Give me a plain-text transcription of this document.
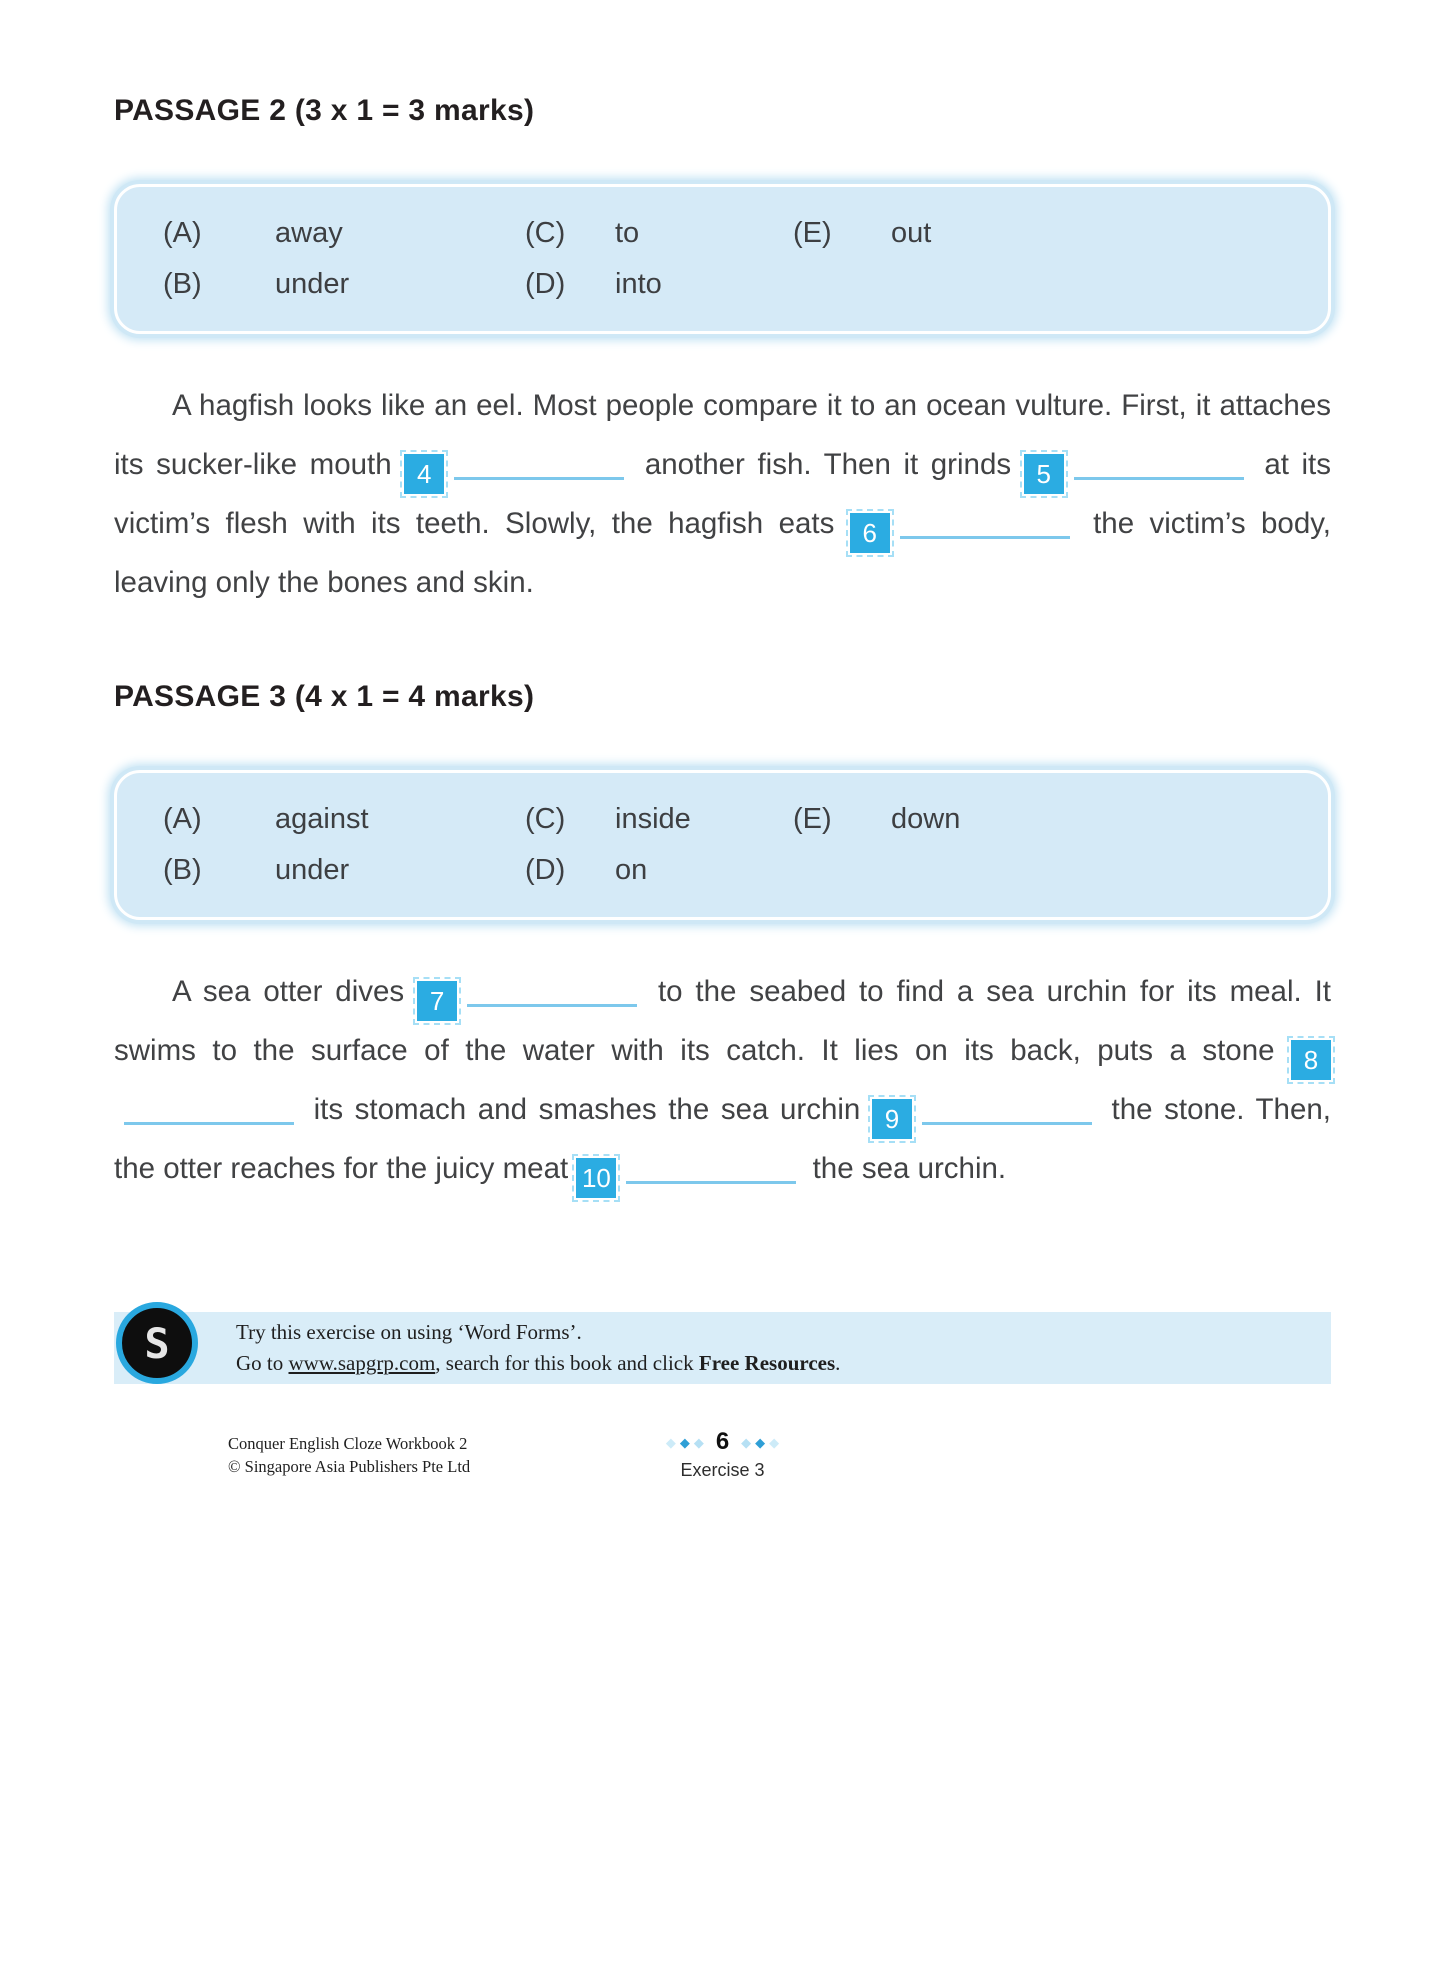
PASSAGE 2 (3 x 1 = 3 marks)
(A)	away	(C)	to	(E)	out
(B)	under	(D)	into

A hagfish looks like an eel. Most people compare it to an ocean vulture. First, it attaches its sucker-like mouth 4	another fish. Then it grinds 5	at its victim’s flesh with its teeth. Slowly, the hagfish eats 6	the victim’s body, leaving only the bones and skin.

PASSAGE 3 (4 x 1 = 4 marks)
(A)	against	(C)	inside	(E)	down
(B)	under	(D)	on

A sea otter dives 7	to the seabed to find a sea urchin for its meal. It swims to the surface of the water with its catch. It lies on its back, puts a stone 8 its stomach and smashes the sea urchin 9	the stone. Then, the otter reaches for the juicy meat 10	the sea urchin.

S	Try this exercise on using ‘Word Forms’.
Go to www.sapgrp.com, search for this book and click Free Resources.
Conquer English Cloze Workbook 2
© Singapore Asia Publishers Pte Ltd
◆ ◆ ◆ 6 ◆ ◆ ◆
Exercise 3
